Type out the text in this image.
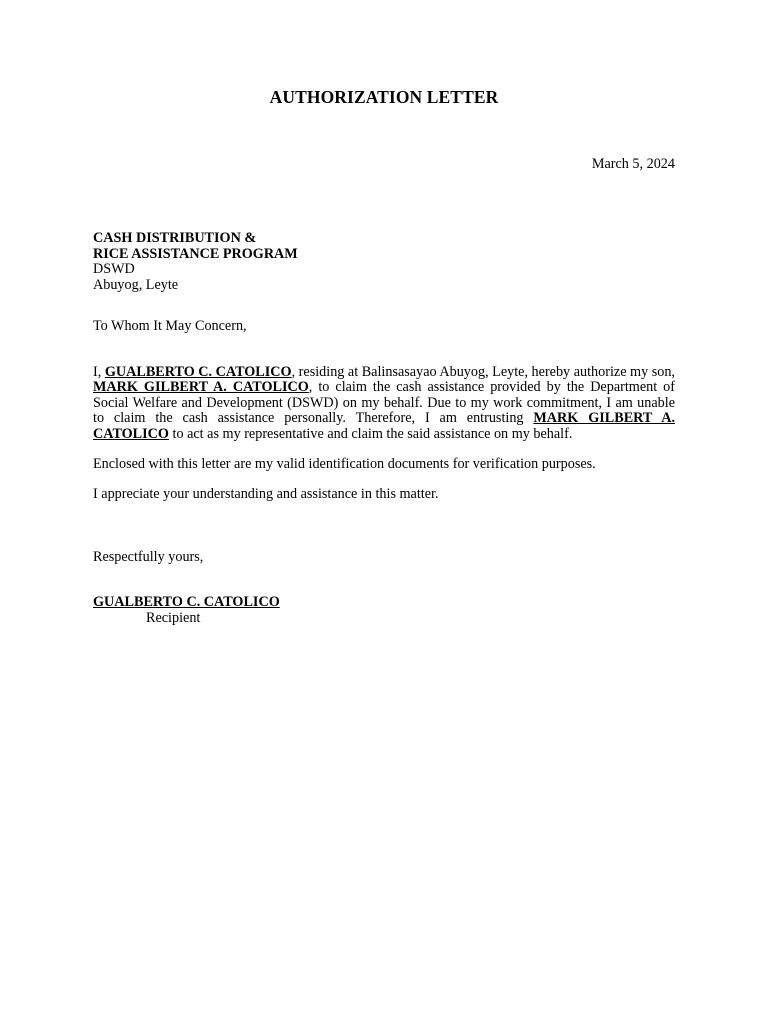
AUTHORIZATION LETTER

March 5, 2024

CASH DISTRIBUTION &
RICE ASSISTANCE PROGRAM
DSWD
Abuyog, Leyte

To Whom It May Concern,

I, GUALBERTO C. CATOLICO, residing at Balinsasayao Abuyog, Leyte, hereby authorize my son, MARK GILBERT A. CATOLICO, to claim the cash assistance provided by the Department of Social Welfare and Development (DSWD) on my behalf. Due to my work commitment, I am unable to claim the cash assistance personally. Therefore, I am entrusting MARK GILBERT A. CATOLICO to act as my representative and claim the said assistance on my behalf.

Enclosed with this letter are my valid identification documents for verification purposes.

I appreciate your understanding and assistance in this matter.

Respectfully yours,

GUALBERTO C. CATOLICO
Recipient
